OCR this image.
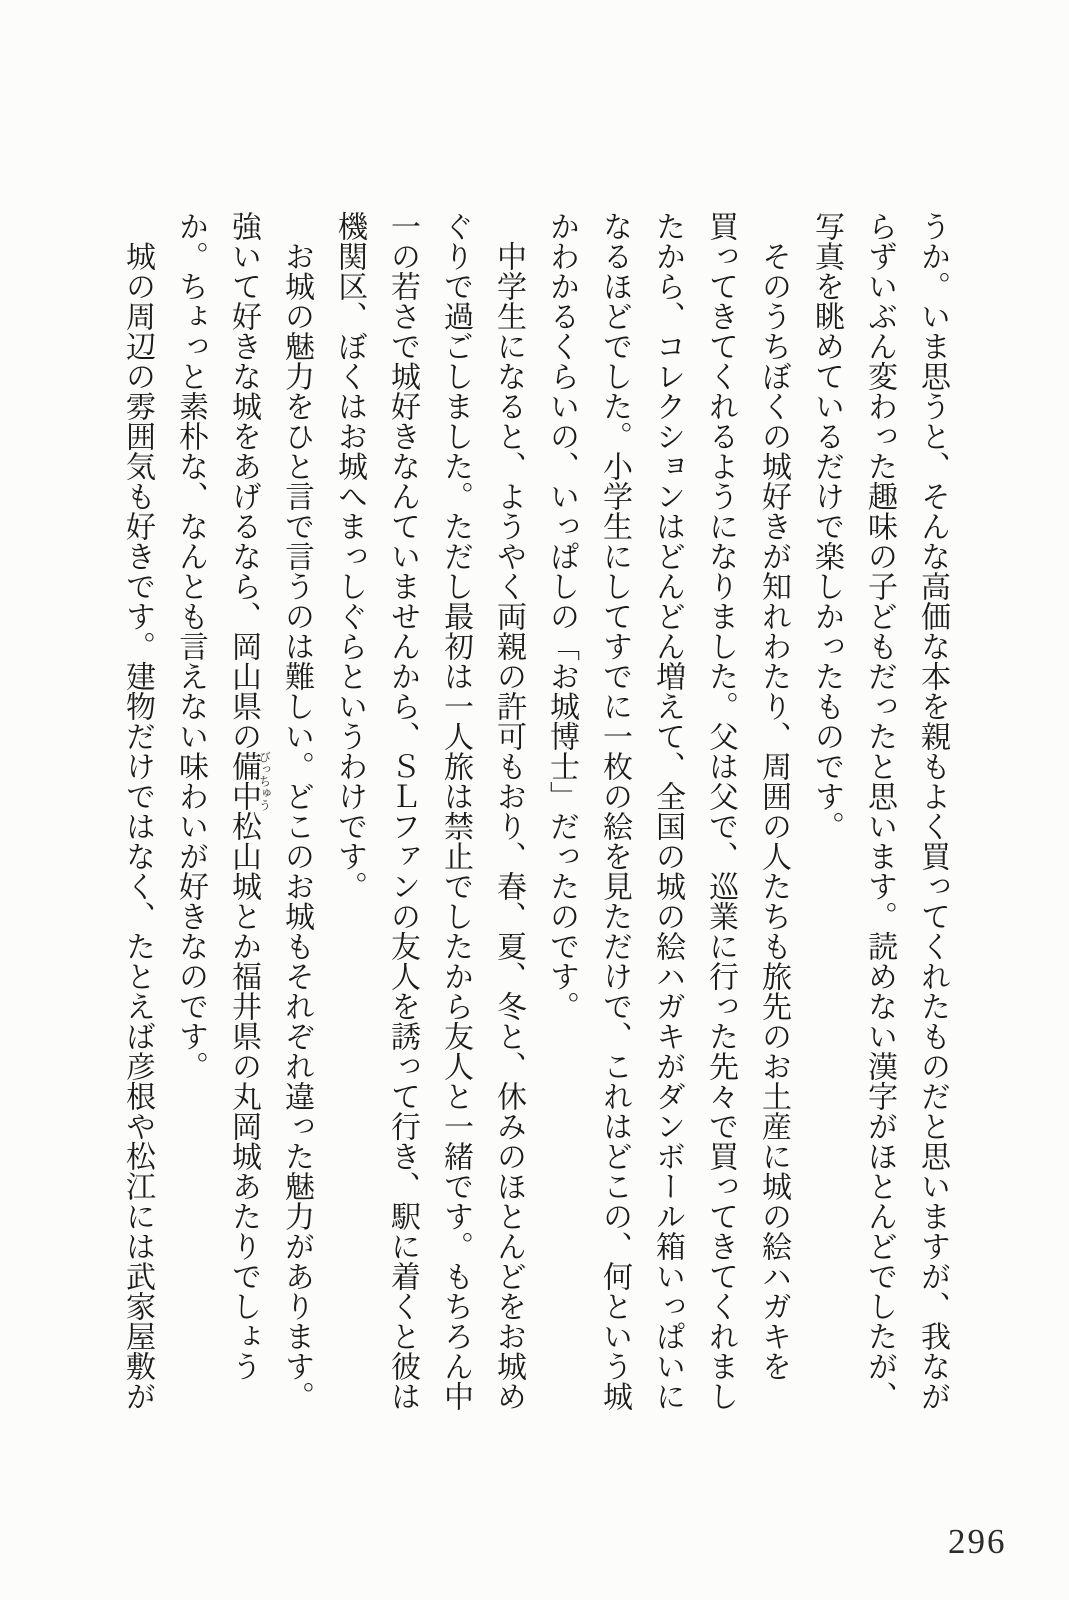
うか。いま思うと、そんな高価な本を親もよく買ってくれたものだと思いますが、我ながらずいぶん変わった趣味の子どもだったと思います。読めない漢字がほとんどでしたが、写真を眺めているだけで楽しかったものです。

そのうちぼくの城好きが知れわたり、周囲の人たちも旅先のお土産に城の絵ハガキを買ってきてくれるようになりました。父は父で、巡業に行った先々で買ってきてくれましたから、コレクションはどんどん増えて、全国の城の絵ハガキがダンボール箱いっぱいになるほどでした。小学生にしてすでに一枚の絵を見ただけで、これはどこの、何という城かわかるくらいの、いっぱしの「お城博士」だったのです。

中学生になると、ようやく両親の許可もおり、春、夏、冬と、休みのほとんどをお城めぐりで過ごしました。ただし最初は一人旅は禁止でしたから友人と一緒です。もちろん中一の若さで城好きなんていませんから、ＳＬファンの友人を誘って行き、駅に着くと彼は機関区、ぼくはお城へまっしぐらというわけです。

お城の魅力をひと言で言うのは難しい。どこのお城もそれぞれ違った魅力があります。強いて好きな城をあげるなら、岡山県の備中びっちゅう松山城とか福井県の丸岡城あたりでしょうか。ちょっと素朴な、なんとも言えない味わいが好きなのです。

城の周辺の雰囲気も好きです。建物だけではなく、たとえば彦根や松江には武家屋敷が

296
